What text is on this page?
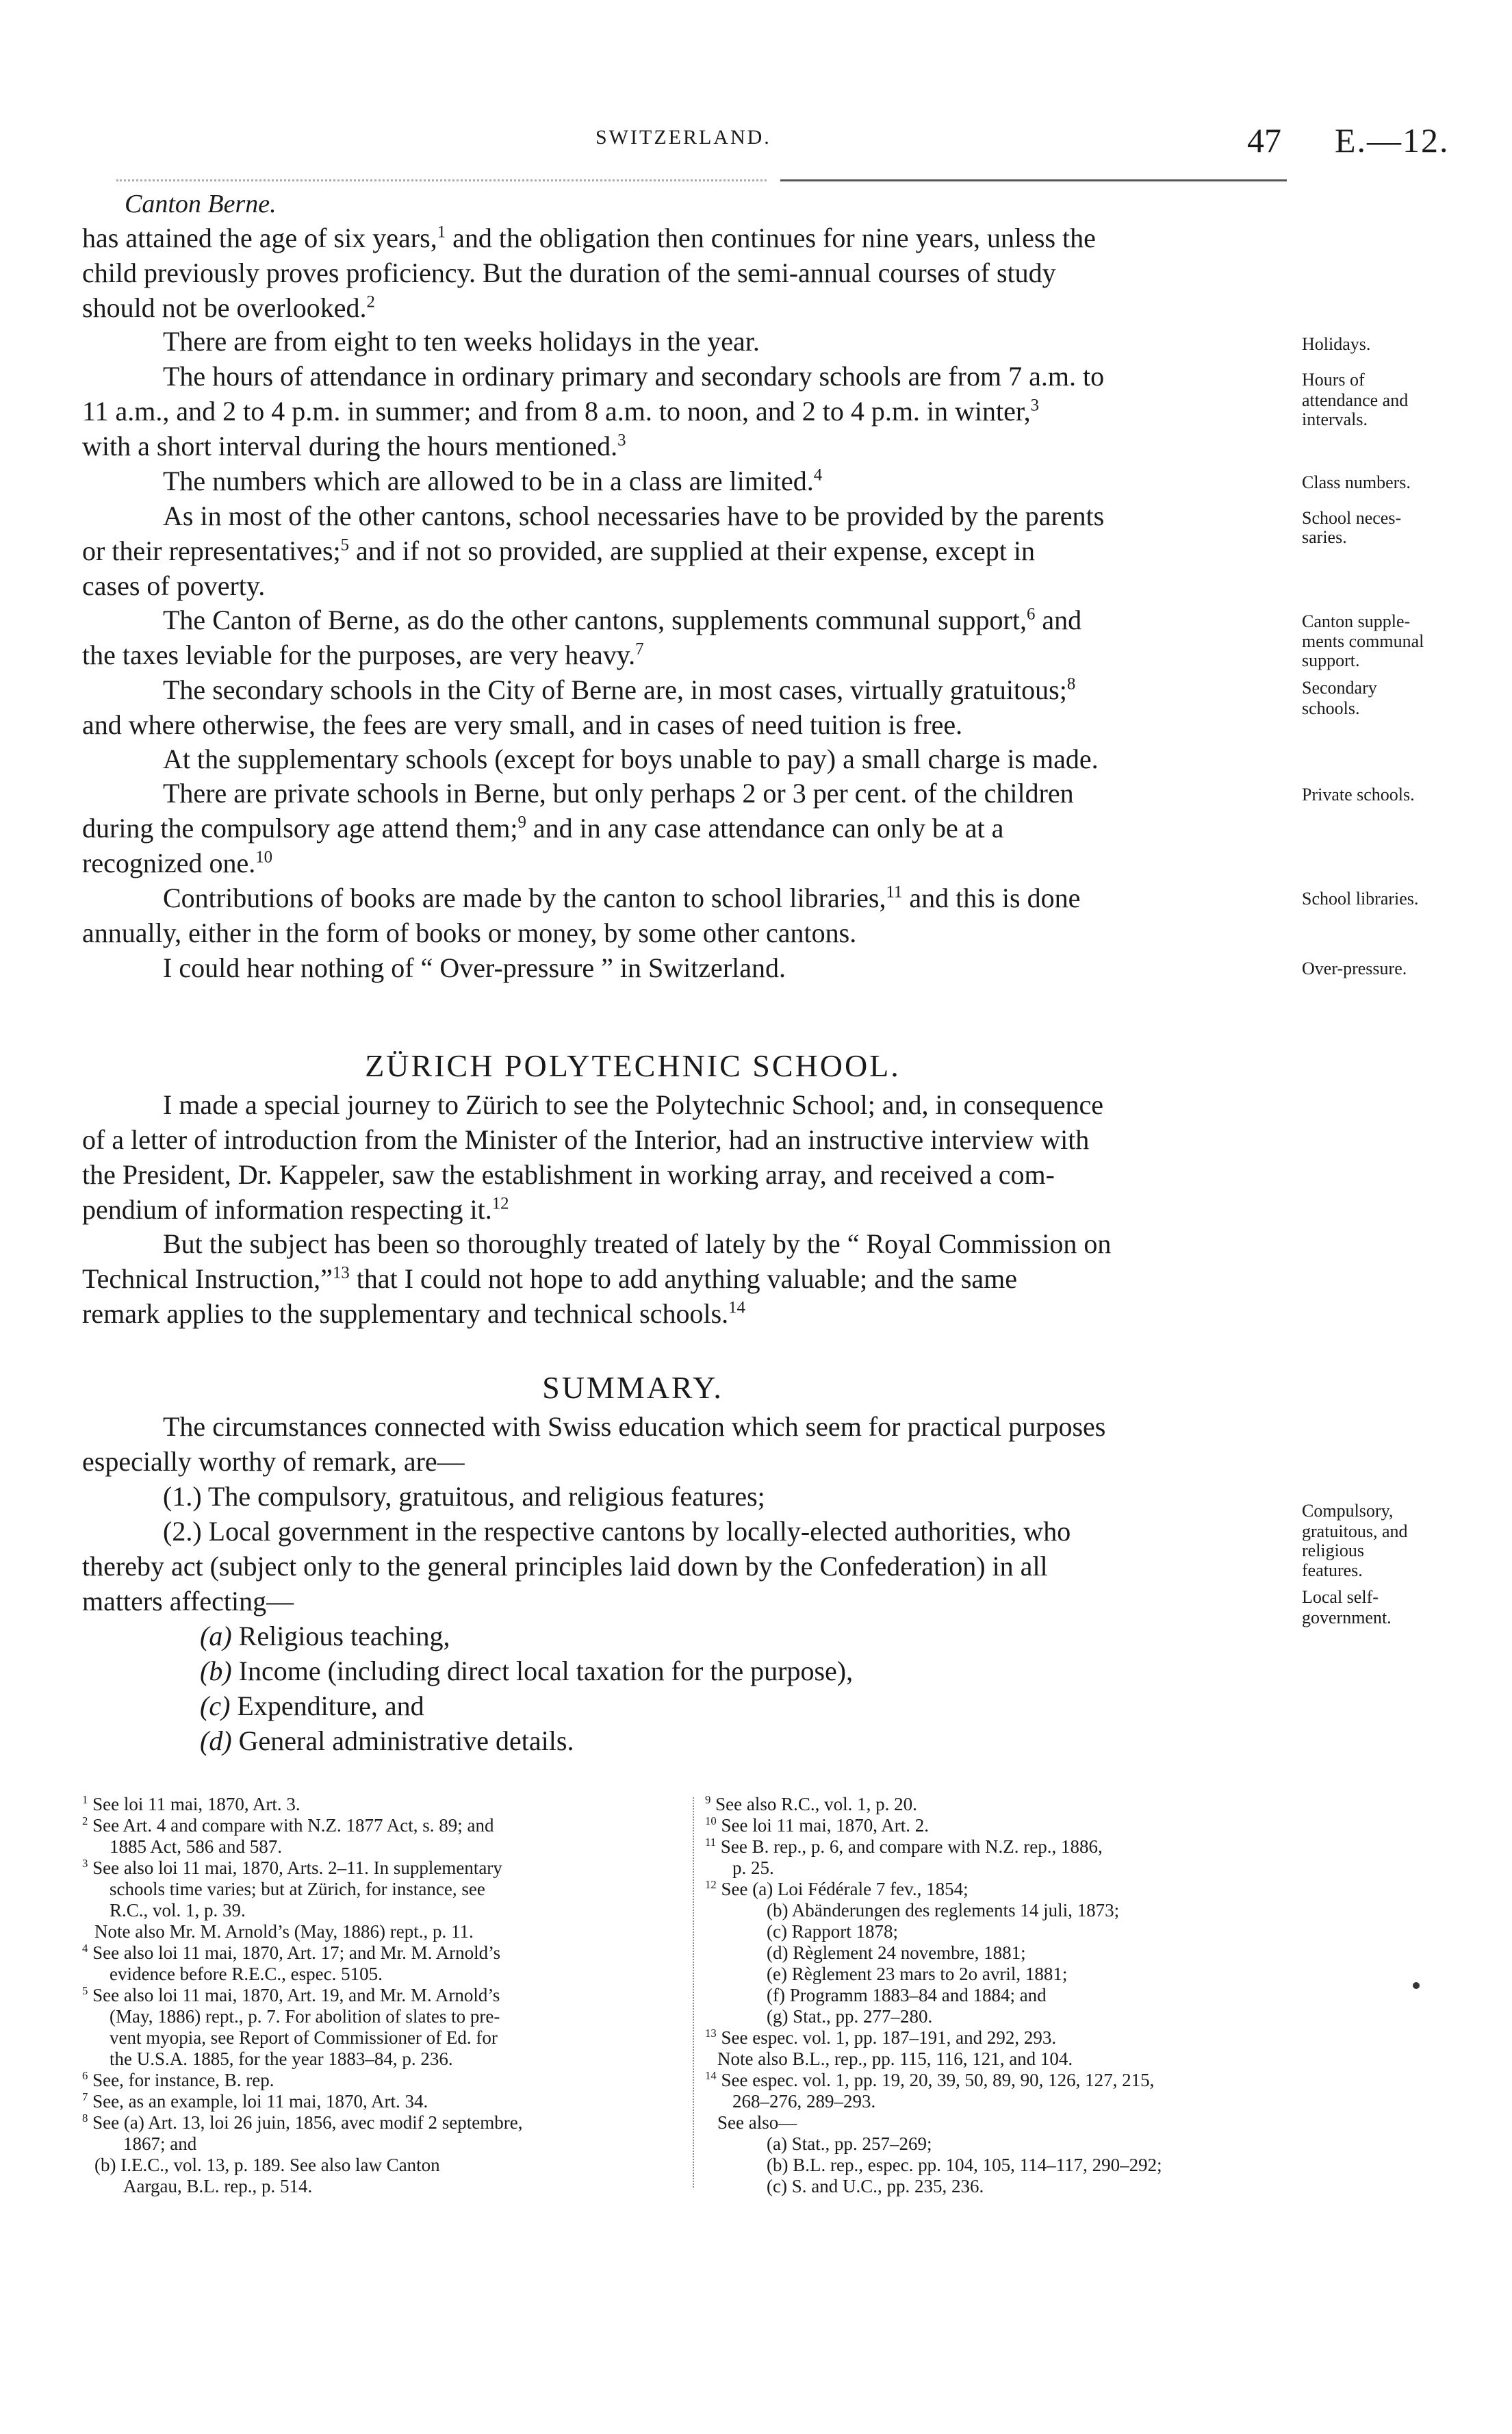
SWITZERLAND.	47 E.—12.
Canton Berne.
has attained the age of six years,$^1$ and the obligation then continues for nine years, unless the
child previously proves proficiency. But the duration of the semi-annual courses of study
should not be overlooked.$^2$
There are from eight to ten weeks holidays in the year.
The hours of attendance in ordinary primary and secondary schools are from 7 a.m. to
11 a.m., and 2 to 4 p.m. in summer; and from 8 a.m. to noon, and 2 to 4 p.m. in winter,$^3$
with a short interval during the hours mentioned.$^3$
The numbers which are allowed to be in a class are limited.$^4$
As in most of the other cantons, school necessaries have to be provided by the parents
or their representatives;$^5$ and if not so provided, are supplied at their expense, except in
cases of poverty.
The Canton of Berne, as do the other cantons, supplements communal support,$^6$ and
the taxes leviable for the purposes, are very heavy.$^7$
The secondary schools in the City of Berne are, in most cases, virtually gratuitous;$^8$
and where otherwise, the fees are very small, and in cases of need tuition is free.
At the supplementary schools (except for boys unable to pay) a small charge is made.
There are private schools in Berne, but only perhaps 2 or 3 per cent. of the children
during the compulsory age attend them;$^9$ and in any case attendance can only be at a
recognized one.$^{10}$
Contributions of books are made by the canton to school libraries,$^{11}$ and this is done
annually, either in the form of books or money, by some other cantons.
I could hear nothing of “ Over-pressure ” in Switzerland.
Holidays.
Hours of
attendance and
intervals.
Class numbers.
School neces-
saries.
Canton supple-
ments communal
support.
Secondary
schools.
Private schools.
School libraries.
Over-pressure.
ZÜRICH POLYTECHNIC SCHOOL.
I made a special journey to Zürich to see the Polytechnic School; and, in consequence
of a letter of introduction from the Minister of the Interior, had an instructive interview with
the President, Dr. Kappeler, saw the establishment in working array, and received a com-
pendium of information respecting it.$^{12}$
But the subject has been so thoroughly treated of lately by the “ Royal Commission on
Technical Instruction,”$^{13}$ that I could not hope to add anything valuable; and the same
remark applies to the supplementary and technical schools.$^{14}$
SUMMARY.
The circumstances connected with Swiss education which seem for practical purposes
especially worthy of remark, are—
(1.) The compulsory, gratuitous, and religious features;
(2.) Local government in the respective cantons by locally-elected authorities, who
thereby act (subject only to the general principles laid down by the Confederation) in all
matters affecting—
(a) Religious teaching,
(b) Income (including direct local taxation for the purpose),
(c) Expenditure, and
(d) General administrative details.
Compulsory,
gratuitous, and
religious
features.
Local self-
government.
$^1$ See loi 11 mai, 1870, Art. 3.
$^2$ See Art. 4 and compare with N.Z. 1877 Act, s. 89; and
1885 Act, 586 and 587.
$^3$ See also loi 11 mai, 1870, Arts. 2–11. In supplementary
schools time varies; but at Zürich, for instance, see
R.C., vol. 1, p. 39.
Note also Mr. M. Arnold’s (May, 1886) rept., p. 11.
$^4$ See also loi 11 mai, 1870, Art. 17; and Mr. M. Arnold’s
evidence before R.E.C., espec. 5105.
$^5$ See also loi 11 mai, 1870, Art. 19, and Mr. M. Arnold’s
(May, 1886) rept., p. 7. For abolition of slates to pre-
vent myopia, see Report of Commissioner of Ed. for
the U.S.A. 1885, for the year 1883–84, p. 236.
$^6$ See, for instance, B. rep.
$^7$ See, as an example, loi 11 mai, 1870, Art. 34.
$^8$ See (a) Art. 13, loi 26 juin, 1856, avec modif 2 septembre,
1867; and
(b) I.E.C., vol. 13, p. 189. See also law Canton
Aargau, B.L. rep., p. 514.
$^9$ See also R.C., vol. 1, p. 20.
$^{10}$ See loi 11 mai, 1870, Art. 2.
$^{11}$ See B. rep., p. 6, and compare with N.Z. rep., 1886,
p. 25.
$^{12}$ See (a) Loi Fédérale 7 fev., 1854;
(b) Abänderungen des reglements 14 juli, 1873;
(c) Rapport 1878;
(d) Règlement 24 novembre, 1881;
(e) Règlement 23 mars to 2o avril, 1881;
(f) Programm 1883–84 and 1884; and
(g) Stat., pp. 277–280.
$^{13}$ See espec. vol. 1, pp. 187–191, and 292, 293.
Note also B.L., rep., pp. 115, 116, 121, and 104.
$^{14}$ See espec. vol. 1, pp. 19, 20, 39, 50, 89, 90, 126, 127, 215,
268–276, 289–293.
See also—
(a) Stat., pp. 257–269;
(b) B.L. rep., espec. pp. 104, 105, 114–117, 290–292;
(c) S. and U.C., pp. 235, 236.
